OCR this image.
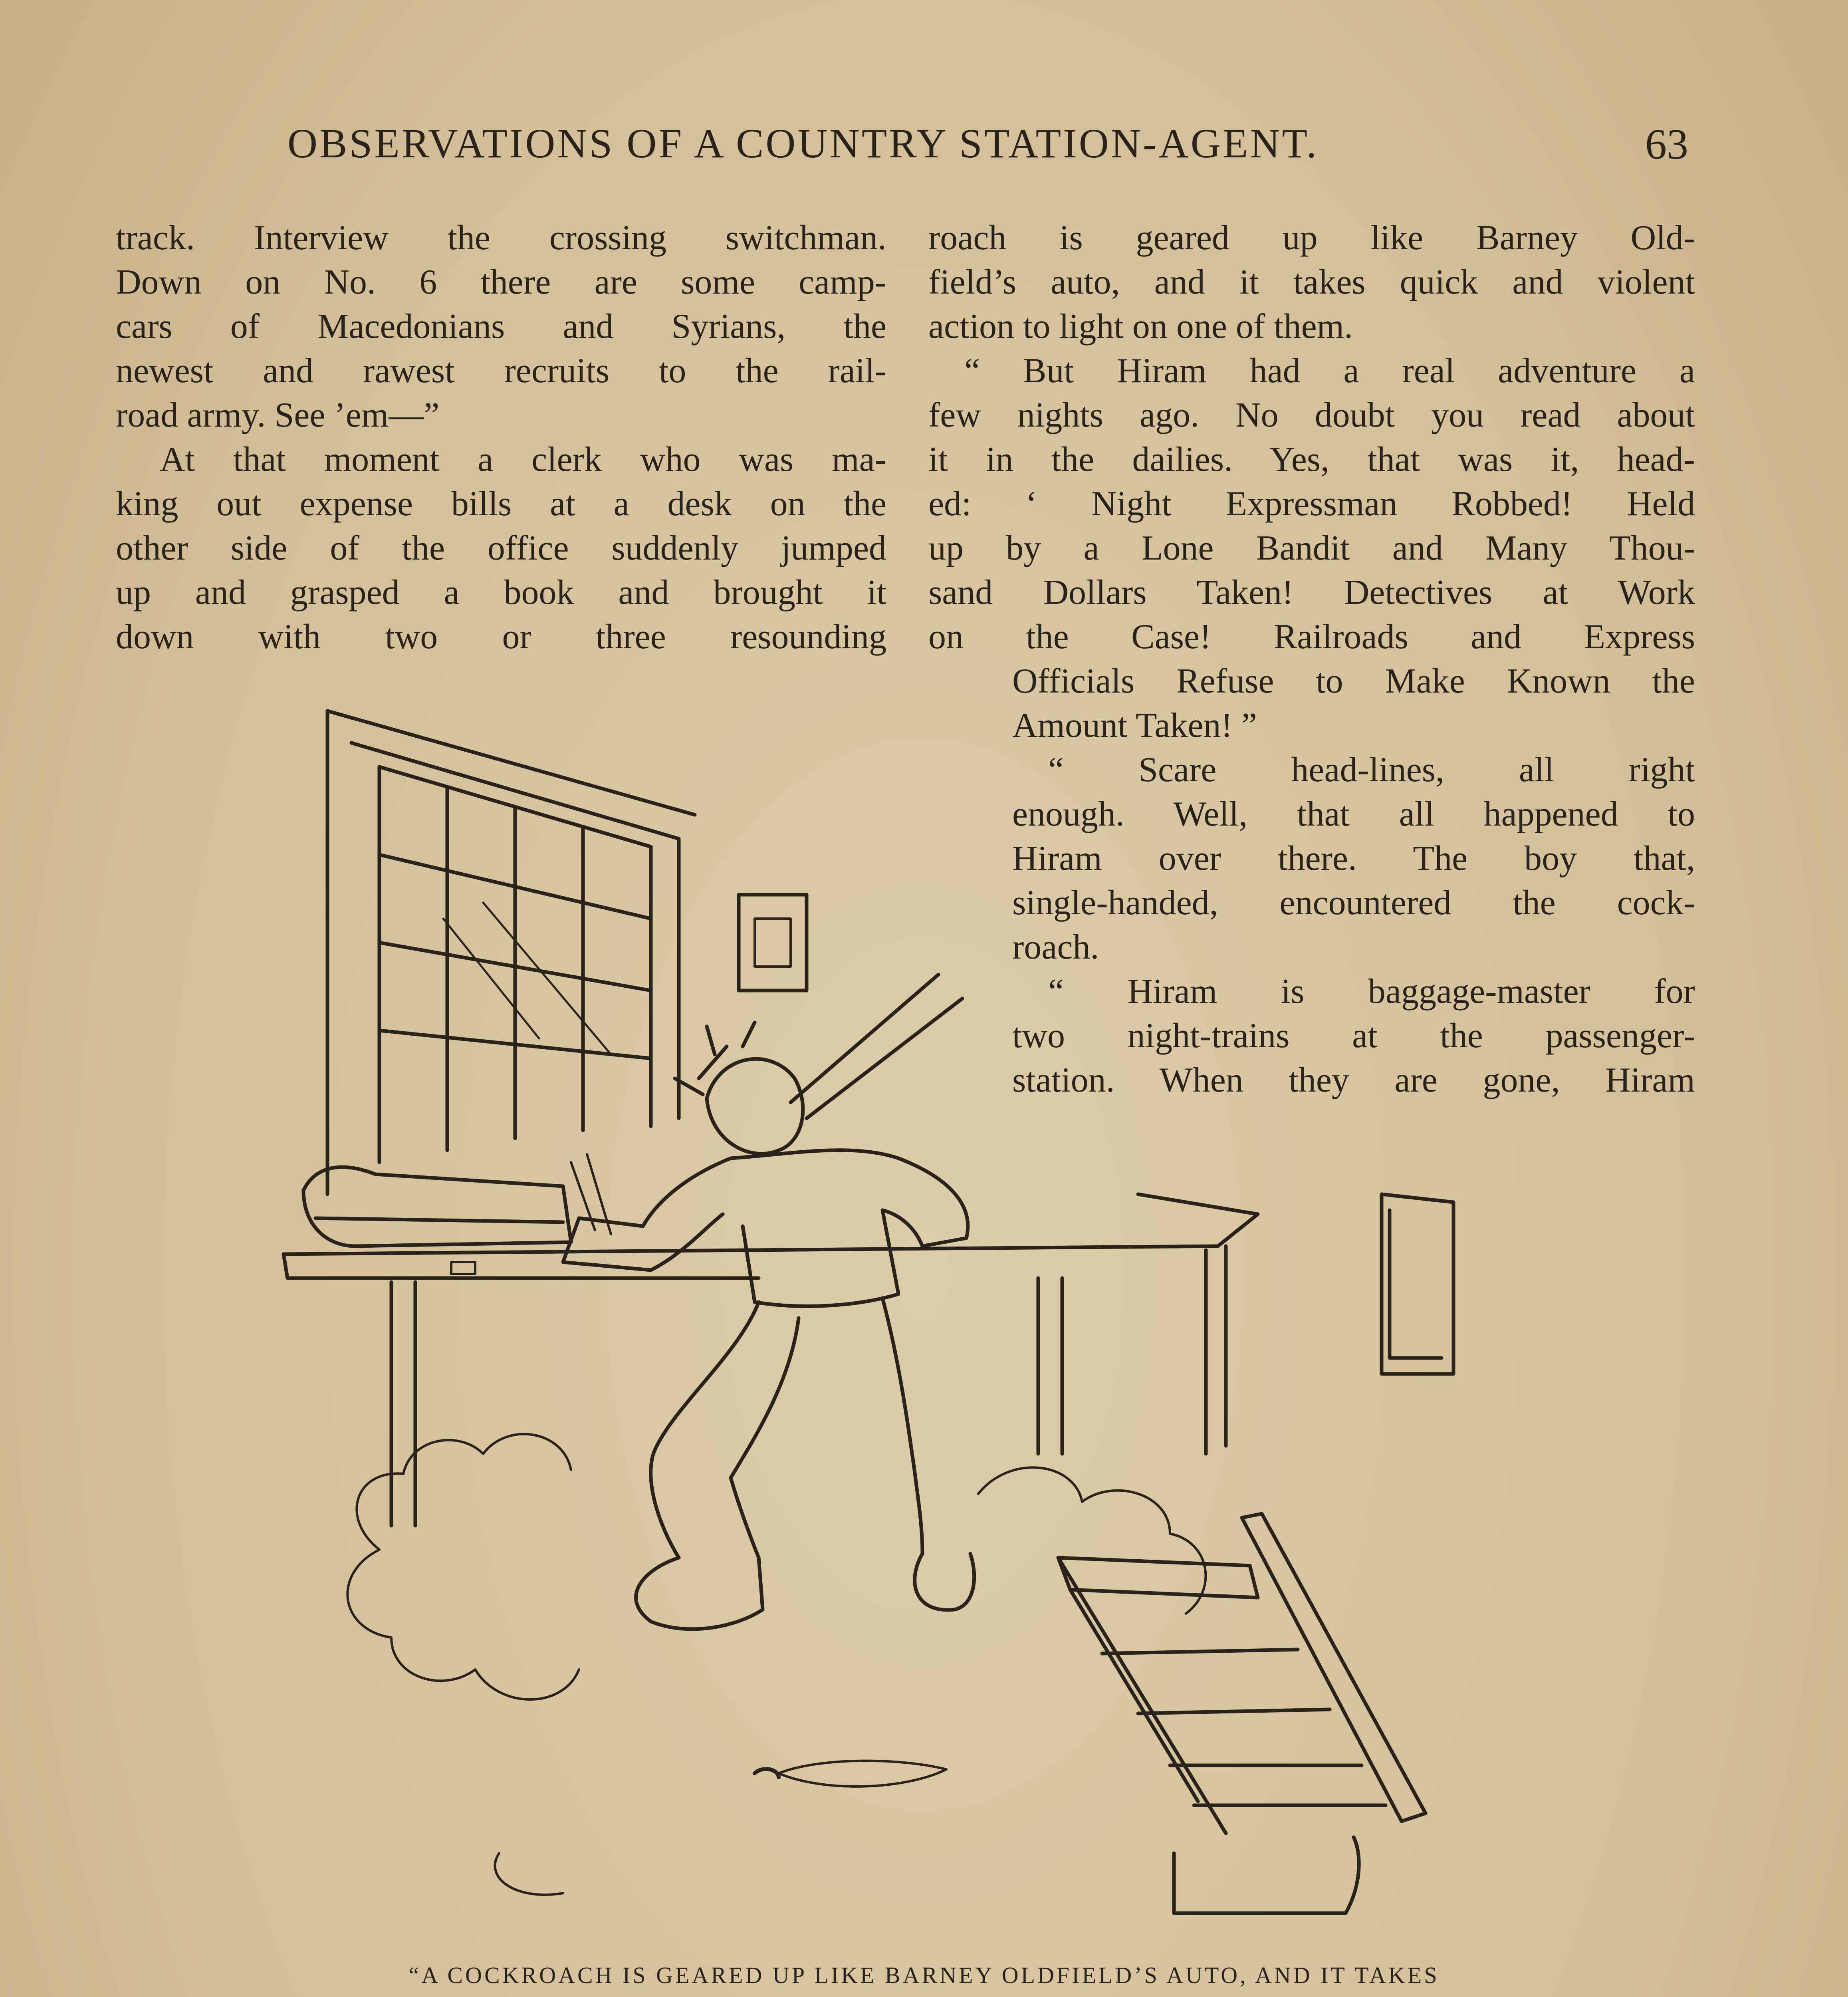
OBSERVATIONS OF A COUNTRY STATION-AGENT.	63
track. Interview the crossing switchman.
Down on No. 6 there are some camp-
cars of Macedonians and Syrians, the
newest and rawest recruits to the rail-
road army. See ’em—”
At that moment a clerk who was ma-
king out expense bills at a desk on the
other side of the office suddenly jumped
up and grasped a book and brought it
down with two or three resounding
roach is geared up like Barney Old-
field’s auto, and it takes quick and violent
action to light on one of them.
“ But Hiram had a real adventure a
few nights ago. No doubt you read about
it in the dailies. Yes, that was it, head-
ed: ‘ Night Expressman Robbed! Held
up by a Lone Bandit and Many Thou-
sand Dollars Taken! Detectives at Work
on the Case! Railroads and Express
Officials Refuse to Make Known the
Amount Taken! ”
“ Scare head-lines, all right
enough. Well, that all happened to
Hiram over there. The boy that,
single-handed, encountered the cock-
roach.
“ Hiram is baggage-master for
two night-trains at the passenger-
station. When they are gone, Hiram
“A COCKROACH IS GEARED UP LIKE BARNEY OLDFIELD’S AUTO, AND IT TAKES
